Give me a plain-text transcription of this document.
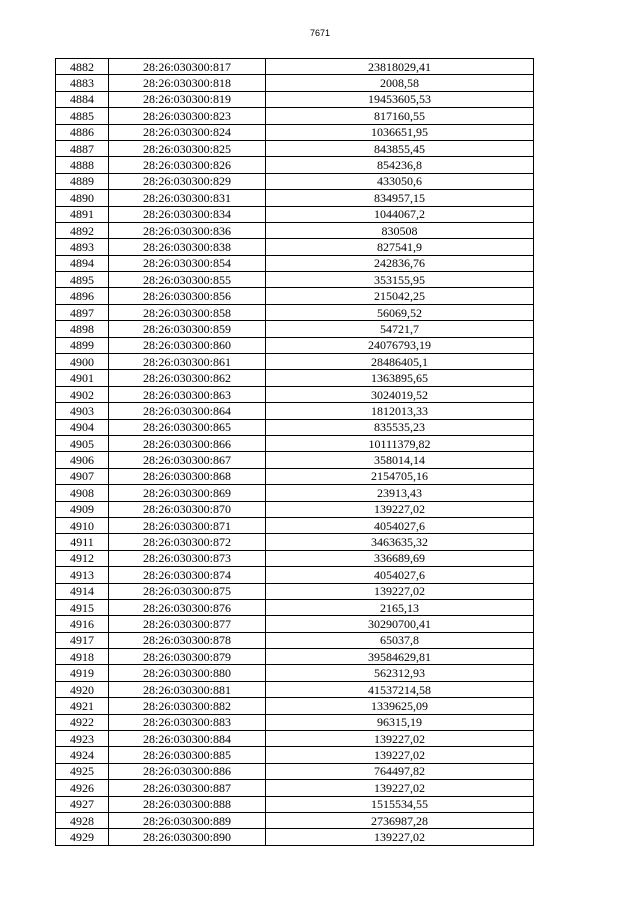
7671
4882	28:26:030300:817	23818029,41
4883	28:26:030300:818	2008,58
4884	28:26:030300:819	19453605,53
4885	28:26:030300:823	817160,55
4886	28:26:030300:824	1036651,95
4887	28:26:030300:825	843855,45
4888	28:26:030300:826	854236,8
4889	28:26:030300:829	433050,6
4890	28:26:030300:831	834957,15
4891	28:26:030300:834	1044067,2
4892	28:26:030300:836	830508
4893	28:26:030300:838	827541,9
4894	28:26:030300:854	242836,76
4895	28:26:030300:855	353155,95
4896	28:26:030300:856	215042,25
4897	28:26:030300:858	56069,52
4898	28:26:030300:859	54721,7
4899	28:26:030300:860	24076793,19
4900	28:26:030300:861	28486405,1
4901	28:26:030300:862	1363895,65
4902	28:26:030300:863	3024019,52
4903	28:26:030300:864	1812013,33
4904	28:26:030300:865	835535,23
4905	28:26:030300:866	10111379,82
4906	28:26:030300:867	358014,14
4907	28:26:030300:868	2154705,16
4908	28:26:030300:869	23913,43
4909	28:26:030300:870	139227,02
4910	28:26:030300:871	4054027,6
4911	28:26:030300:872	3463635,32
4912	28:26:030300:873	336689,69
4913	28:26:030300:874	4054027,6
4914	28:26:030300:875	139227,02
4915	28:26:030300:876	2165,13
4916	28:26:030300:877	30290700,41
4917	28:26:030300:878	65037,8
4918	28:26:030300:879	39584629,81
4919	28:26:030300:880	562312,93
4920	28:26:030300:881	41537214,58
4921	28:26:030300:882	1339625,09
4922	28:26:030300:883	96315,19
4923	28:26:030300:884	139227,02
4924	28:26:030300:885	139227,02
4925	28:26:030300:886	764497,82
4926	28:26:030300:887	139227,02
4927	28:26:030300:888	1515534,55
4928	28:26:030300:889	2736987,28
4929	28:26:030300:890	139227,02
